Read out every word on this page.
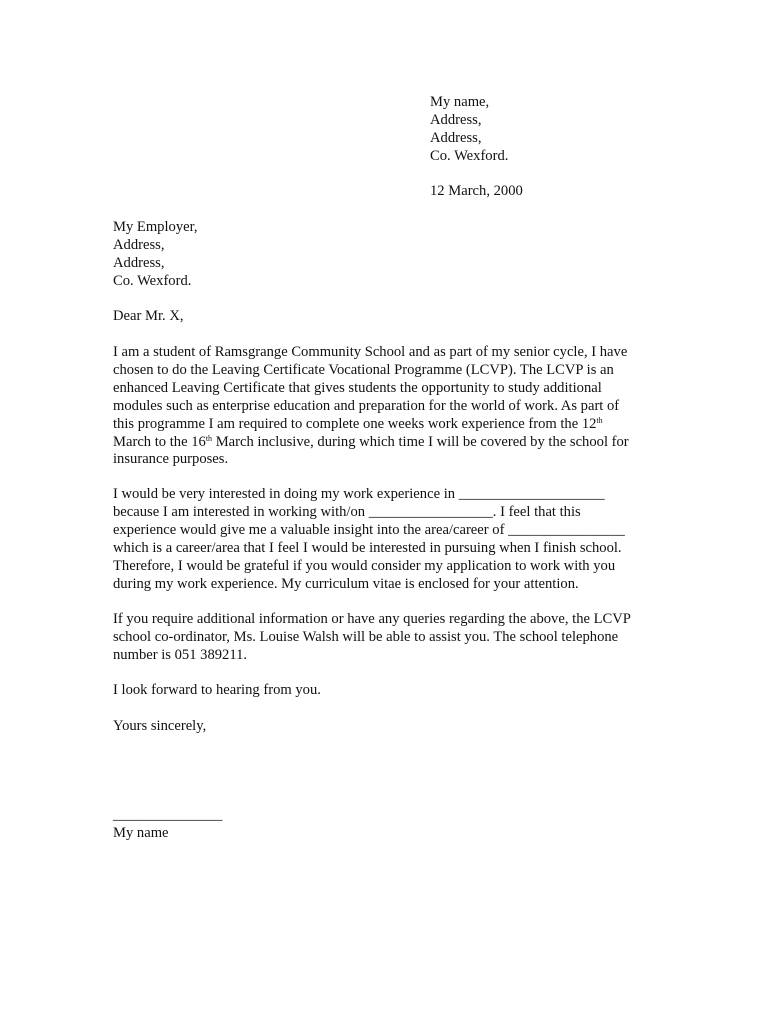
My name,
Address,
Address,
Co. Wexford.
12 March, 2000
My Employer,
Address,
Address,
Co. Wexford.
Dear Mr. X,
I am a student of Ramsgrange Community School and as part of my senior cycle, I have
chosen to do the Leaving Certificate Vocational Programme (LCVP). The LCVP is an
enhanced Leaving Certificate that gives students the opportunity to study additional
modules such as enterprise education and preparation for the world of work. As part of
this programme I am required to complete one weeks work experience from the 12th
March to the 16th March inclusive, during which time I will be covered by the school for
insurance purposes.
I would be very interested in doing my work experience in ____________________
because I am interested in working with/on _________________. I feel that this
experience would give me a valuable insight into the area/career of ________________
which is a career/area that I feel I would be interested in pursuing when I finish school.
Therefore, I would be grateful if you would consider my application to work with you
during my work experience. My curriculum vitae is enclosed for your attention.
If you require additional information or have any queries regarding the above, the LCVP
school co-ordinator, Ms. Louise Walsh will be able to assist you. The school telephone
number is 051 389211.
I look forward to hearing from you.
Yours sincerely,
_______________
My name
